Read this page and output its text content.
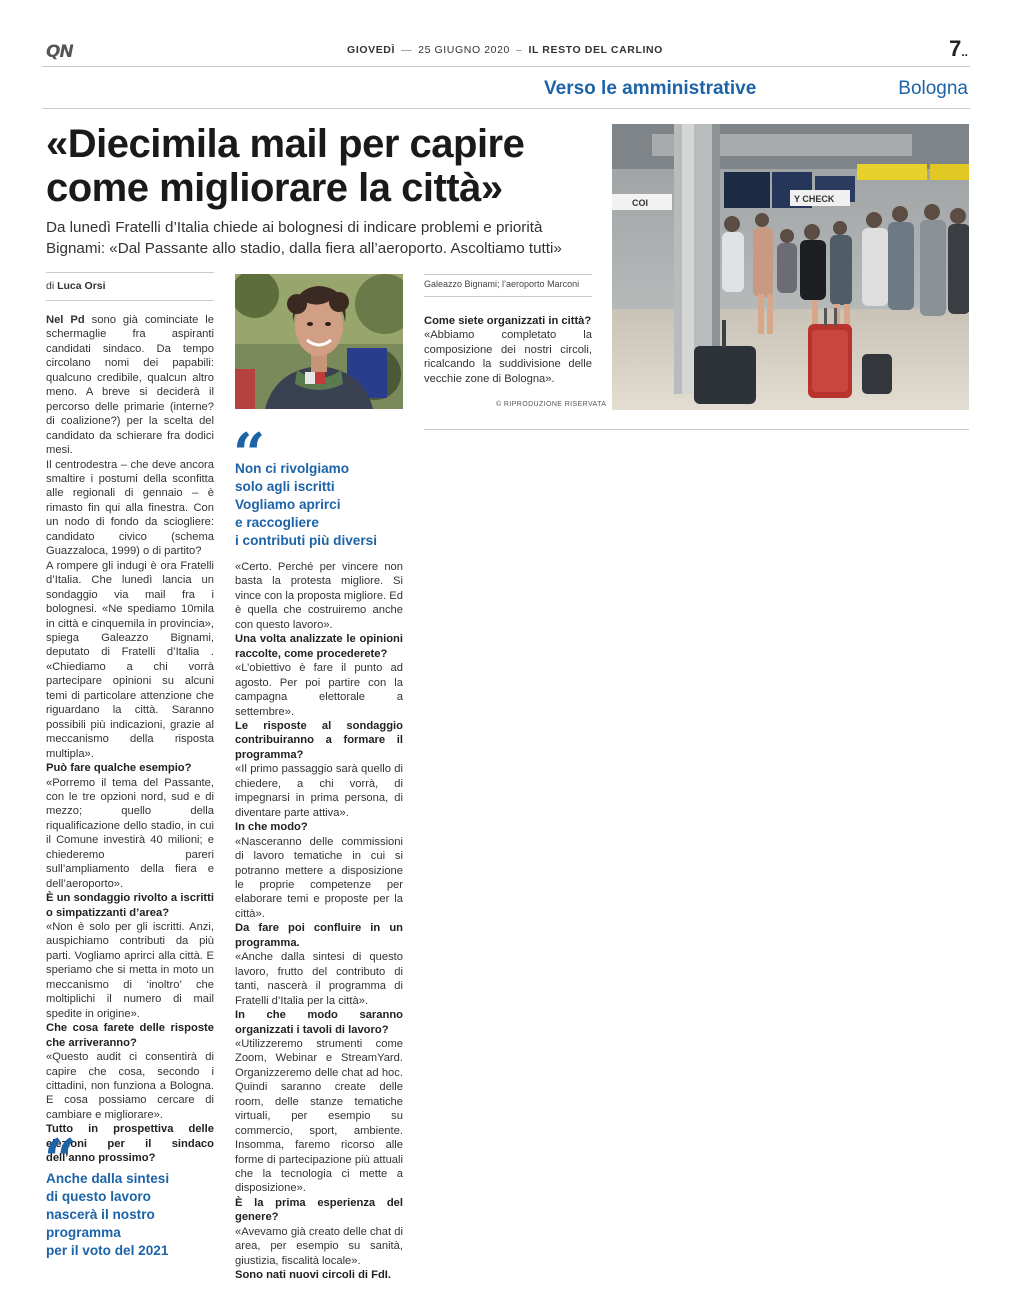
QN	GIOVEDÌ — 25 GIUGNO 2020 – IL RESTO DEL CARLINO	7..
Verso le amministrative	Bologna
«Diecimila mail per capire
come migliorare la città»
Da lunedì Fratelli d’Italia chiede ai bolognesi di indicare problemi e priorità
Bignami: «Dal Passante allo stadio, dalla fiera all’aeroporto. Ascoltiamo tutti»
COI	Y CHECK
di Luca Orsi

Nel Pd sono già cominciate le schermaglie fra aspiranti candidati sindaco. Da tempo circolano nomi dei papabili: qualcuno credibile, qualcun altro meno. A breve si deciderà il percorso delle primarie (interne? di coalizione?) per la scelta del candidato da schierare fra dodici mesi.

Il centrodestra – che deve ancora smaltire i postumi della sconfitta alle regionali di gennaio – è rimasto fin qui alla finestra. Con un nodo di fondo da sciogliere: candidato civico (schema Guazzaloca, 1999) o di partito?

A rompere gli indugi è ora Fratelli d’Italia. Che lunedì lancia un sondaggio via mail fra i bolognesi. «Ne spediamo 10mila in città e cinquemila in provincia», spiega Galeazzo Bignami, deputato di Fratelli d’Italia . «Chiediamo a chi vorrà partecipare opinioni su alcuni temi di particolare attenzione che riguardano la città. Saranno possibili più indicazioni, grazie al meccanismo della risposta multipla».

Può fare qualche esempio?

«Porremo il tema del Passante, con le tre opzioni nord, sud e di mezzo; quello della riqualificazione dello stadio, in cui il Comune investirà 40 milioni; e chiederemo pareri sull’ampliamento della fiera e dell’aeroporto».

È un sondaggio rivolto a iscritti o simpatizzanti d’area?

«Non è solo per gli iscritti. Anzi, auspichiamo contributi da più parti. Vogliamo aprirci alla città. E speriamo che si metta in moto un meccanismo di ‘inoltro’ che moltiplichi il numero di mail spedite in origine».

Che cosa farete delle risposte che arriveranno?

«Questo audit ci consentirà di capire che cosa, secondo i cittadini, non funziona a Bologna. E cosa possiamo cercare di cambiare e migliorare».

Tutto in prospettiva delle elezioni per il sindaco dell’anno prossimo?

“
Anche dalla sintesi
di questo lavoro
nascerà il nostro
programma
per il voto del 2021
“
Non ci rivolgiamo
solo agli iscritti
Vogliamo aprirci
e raccogliere
i contributi più diversi

«Certo. Perché per vincere non basta la protesta migliore. Si vince con la proposta migliore. Ed è quella che costruiremo anche con questo lavoro».

Una volta analizzate le opinioni raccolte, come procederete?

«L’obiettivo è fare il punto ad agosto. Per poi partire con la campagna elettorale a settembre».

Le risposte al sondaggio contribuiranno a formare il programma?

«Il primo passaggio sarà quello di chiedere, a chi vorrà, di impegnarsi in prima persona, di diventare parte attiva».

In che modo?

«Nasceranno delle commissioni di lavoro tematiche in cui si potranno mettere a disposizione le proprie competenze per elaborare temi e proposte per la città».

Da fare poi confluire in un programma.

«Anche dalla sintesi di questo lavoro, frutto del contributo di tanti, nascerà il programma di Fratelli d’Italia per la città».

In che modo saranno organizzati i tavoli di lavoro?

«Utilizzeremo strumenti come Zoom, Webinar e StreamYard. Organizzeremo delle chat ad hoc. Quindi saranno create delle room, delle stanze tematiche virtuali, per esempio su commercio, sport, ambiente. Insomma, faremo ricorso alle forme di partecipazione più attuali che la tecnologia ci mette a disposizione».

È la prima esperienza del genere?

«Avevamo già creato delle chat di area, per esempio su sanità, giustizia, fiscalità locale».

Sono nati nuovi circoli di FdI.

Galeazzo Bignami; l’aeroporto Marconi

Come siete organizzati in città?

«Abbiamo completato la composizione dei nostri circoli, ricalcando la suddivisione delle vecchie zone di Bologna».

© RIPRODUZIONE RISERVATA
